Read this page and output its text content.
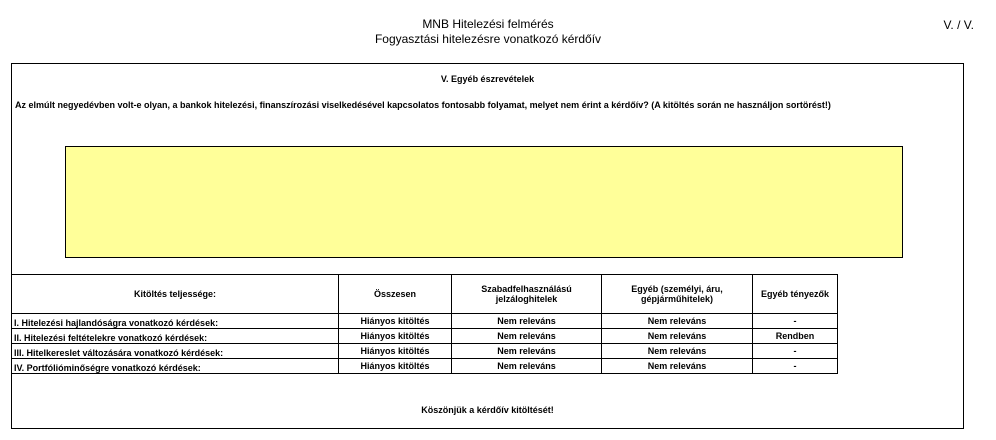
MNB Hitelezési felmérés
Fogyasztási hitelezésre vonatkozó kérdőív
V. / V.
V. Egyéb észrevételek
Az elmúlt negyedévben volt-e olyan, a bankok hitelezési, finanszírozási viselkedésével kapcsolatos fontosabb folyamat, melyet nem érint a kérdőív? (A kitöltés során ne használjon sortörést!)
Kitöltés teljessége:	Összesen	Szabadfelhasználású jelzáloghitelek	Egyéb (személyi, áru, gépjárműhitelek)	Egyéb tényezők
I. Hitelezési hajlandóságra vonatkozó kérdések:	Hiányos kitöltés	Nem releváns	Nem releváns	-
II. Hitelezési feltételekre vonatkozó kérdések:	Hiányos kitöltés	Nem releváns	Nem releváns	Rendben
III. Hitelkereslet változására vonatkozó kérdések:	Hiányos kitöltés	Nem releváns	Nem releváns	-
IV. Portfólióminőségre vonatkozó kérdések:	Hiányos kitöltés	Nem releváns	Nem releváns	-
Köszönjük a kérdőív kitöltését!
